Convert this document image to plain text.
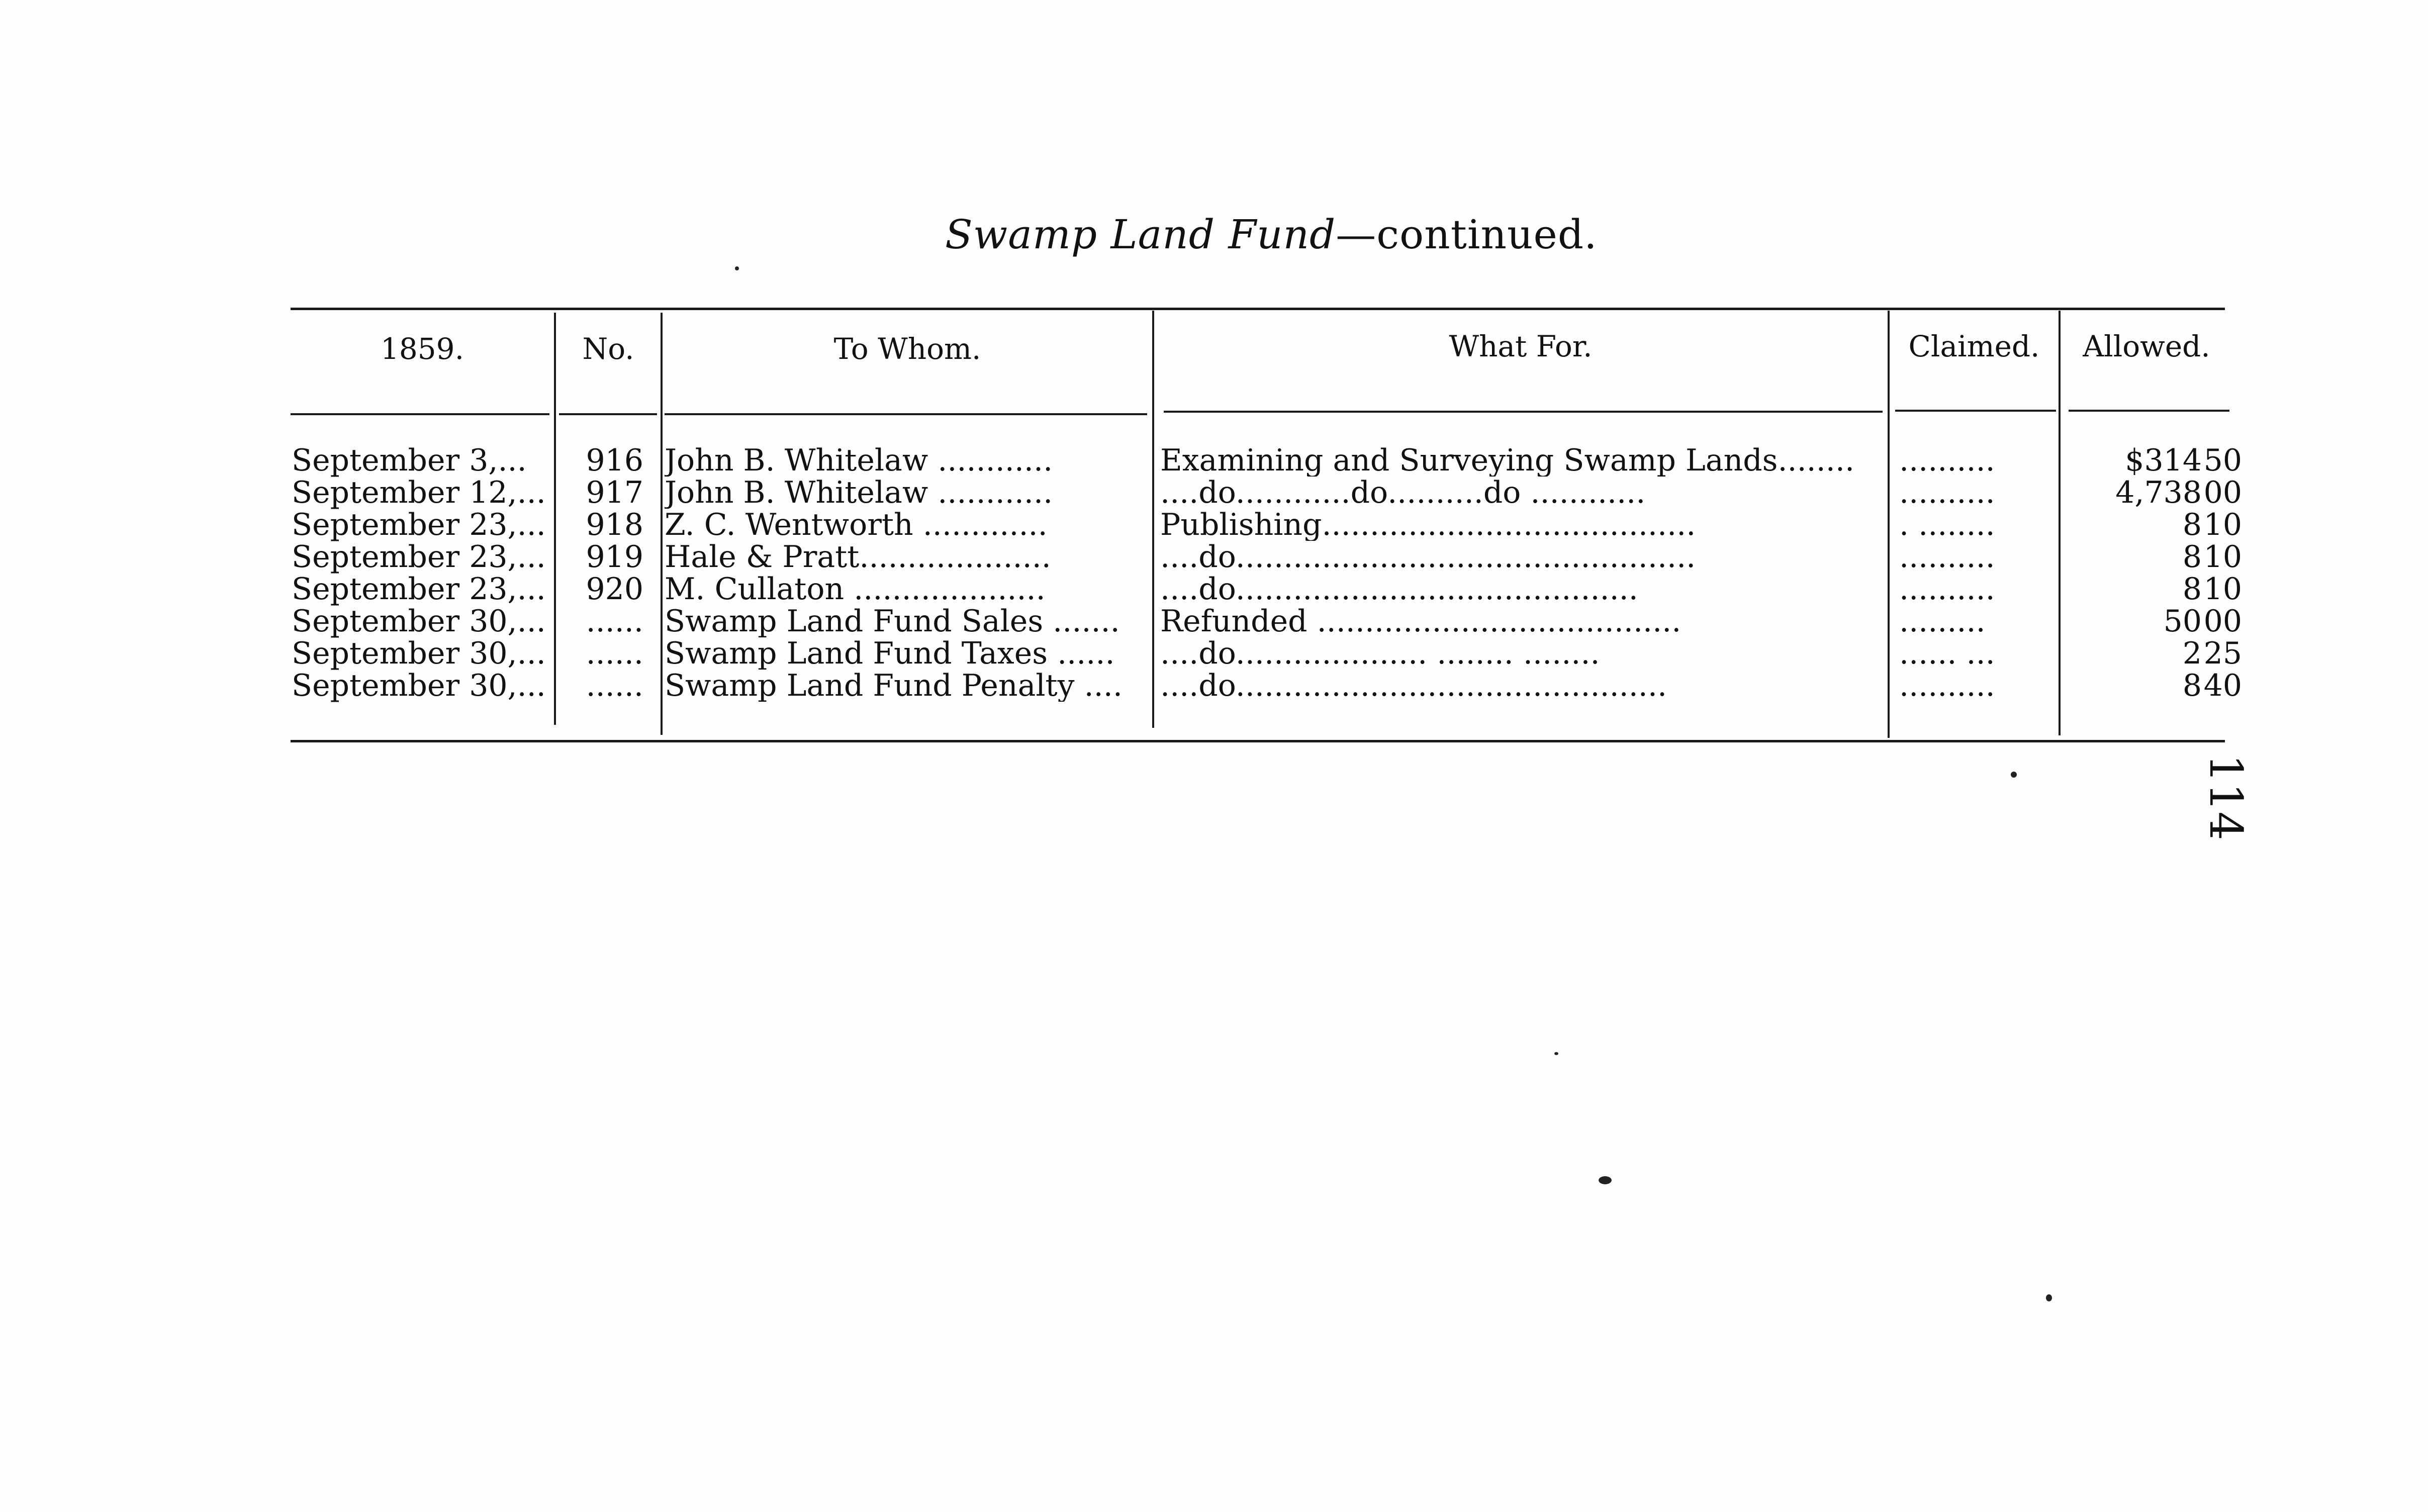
Swamp Land Fund—continued.
1859.	No.	To Whom.	What For.	Claimed.	Allowed.
September 3,...	916 John B. Whitelaw ............	Examining and Surveying Swamp Lands........	..........	$314 50
September 12,...	917 John B. Whitelaw ............	....do............do..........do ............	..........	4,738 00
September 23,...	918 Z. C. Wentworth .............	Publishing.......................................	. ........	8 10
September 23,...	919 Hale & Pratt....................	....do................................................	..........	8 10
September 23,...	920 M. Cullaton ....................	....do..........................................	..........	8 10
September 30,...	...... Swamp Land Fund Sales .......	Refunded ......................................	.........	50 00
September 30,...	...... Swamp Land Fund Taxes ......	....do.................... ........ ........	...... ...	2 25
September 30,...	...... Swamp Land Fund Penalty ....	....do.............................................	..........	8 40
114
